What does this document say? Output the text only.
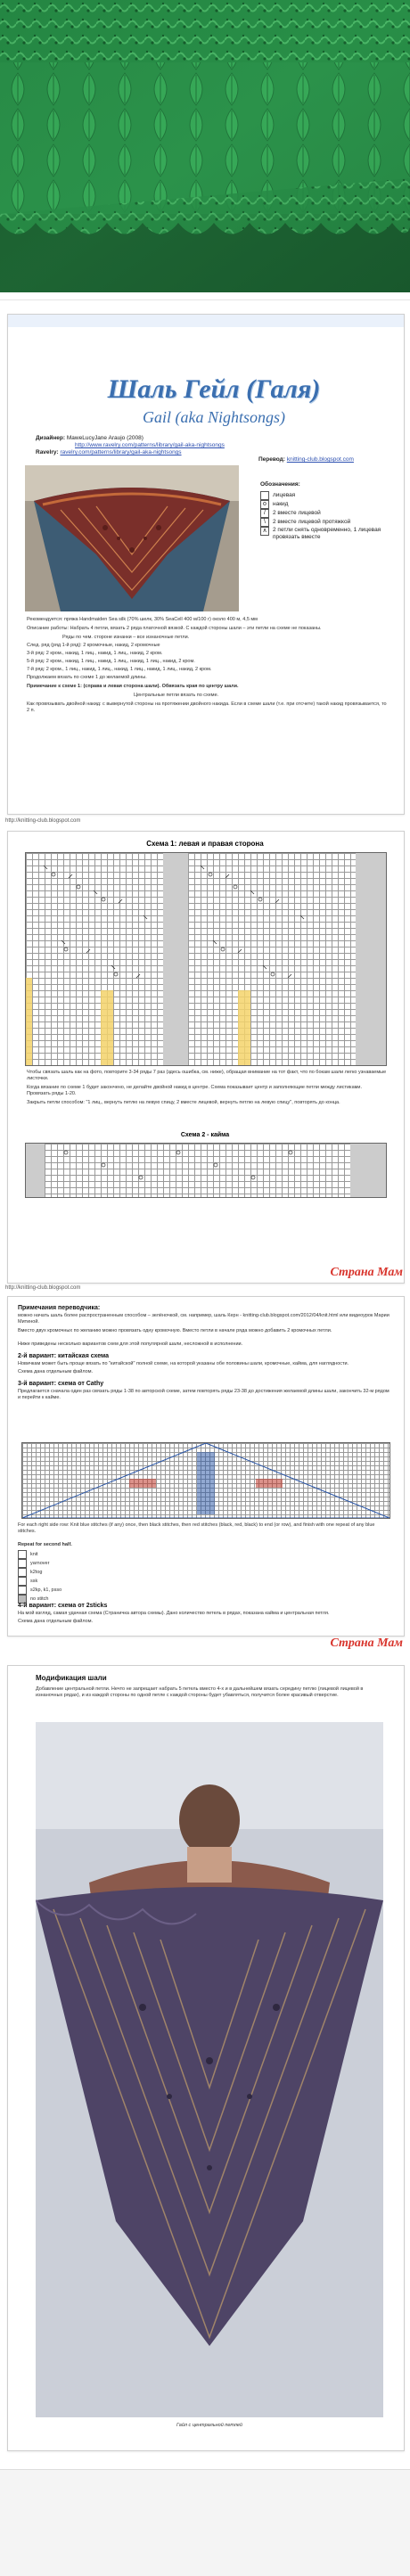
Шаль Гейл (Галя)
Gail (aka Nightsongs)
Дизайнер: MaweLucyJane Araujo (2008)
http://www.ravelry.com/patterns/library/gail-aka-nightsongs
Ravelry: ravelry.com/patterns/library/gail-aka-nightsongs
Перевод: knitting-club.blogspot.com
Обозначения:
лицевая
o	накид
/	2 вместе лицевой
\	2 вместе лицевой протяжкой
∧ 2 петли снять одновременно, 1 лицевая провязать вместе

Рекомендуется: пряжа Handmaiden Sea silk (70% шелк, 30% SeaCell 400 м/100 г) около 400 м, 4,5 мм

Описание работы: Набрать 4 петли, вязать 2 ряда платочной вязкой. С каждой стороны шали – эти петли на схеме не показаны.

Ряды по чем. стороне изнанки – все изнаночные петли.

След. ряд (ряд 1-й ряд): 2 кромочные, накид, 2 кромочные

3-й ряд: 2 кром., накид, 1 лиц., накид, 1 лиц., накид, 2 кром.

5-й ряд: 2 кром., накид, 1 лиц., накид, 1 лиц., накид, 1 лиц., накид, 2 кром.

7-й ряд: 2 кром., 1 лиц., накид, 1 лиц., накид, 1 лиц., накид, 1 лиц., накид, 2 кром.

Продолжаем вязать по схеме 1 до желаемой длины.

Примечание к схеме 1: (справа и левая сторона шали). Обвязать края по центру шали.

Центральные петли вязать по схеме.

Как провязывать двойной накид: с вывернутой стороны на протяжении двойного накида. Если в схеме шали (т.е. при отсчете) такой накид провязывается, то 2 п.

http://knitting-club.blogspot.com
Схема 1: левая и правая сторона

Чтобы связать шаль как на фото, повторите 3-34 ряды 7 раз (здесь ошибка, см. ниже), обращая внимание на тот факт, что по бокам шали легко узнаваемые листочки.

Когда вязание по схеме 1 будет закончено, не делайте двойной накид в центре. Схема показывает центр и заполняющие петли между листиками. Провязать ряды 1-20.

Закрыть петли способом: "1 лиц., вернуть петлю на левую спицу, 2 вместе лицевой, вернуть петлю на левую спицу", повторять до конца.

Схема 2 - кайма
Страна Мам
http://knitting-club.blogspot.com
Примечания переводчика:

можно начать шаль более распространенным способом – зелёночкой, см. например, шаль Керн - knitting-club.blogspot.com/2012/04/knit.html или видеоурок Марии Митиной.

Вместо двух кромочных по желанию можно провязать одну кромочную. Вместо петли в начале ряда можно добавить 2 кромочных петли.

Ниже приведены несколько вариантов схем для этой популярной шали, несложной в исполнении.

2-й вариант: китайская схема

Новичкам может быть проще вязать по "китайской" полной схеме, на которой указаны обе половины шали, кромочные, кайма, для наглядности.

Схема дана отдельным файлом.

3-й вариант: схема от Cathy

Предлагается сначала один раз связать ряды 1-38 по авторской схеме, затем повторять ряды 23-38 до достижения желаемой длины шали, закончить 32-м рядом и перейти к кайме.

For each right side row: Knit blue stitches (if any) once, then black stitches, then red stitches (black, red, black) to end (or row), and finish with one repeat of any blue stitches.
Repeat for second half.
knit
yarnover
k2tog
ssk
s2kp, k1, psso
no stitch
4-й вариант: схема от 2sticks

На мой взгляд, самая удачная схема (Страничка автора схемы). Дано количество петель в рядах, показана кайма и центральная петля.

Схема дана отдельным файлом.

Страна Мам
Модификация шали
Добавление центральной петли. Нечто не запрещает набрать 5 петель вместо 4-х и в дальнейшем вязать середину петлю (лицевой лицевой в изнаночных рядах), и из каждой стороны по одной петле с каждой стороны будет убавляться, получится более красивый отверстие.
Гайл с центральной петлей
